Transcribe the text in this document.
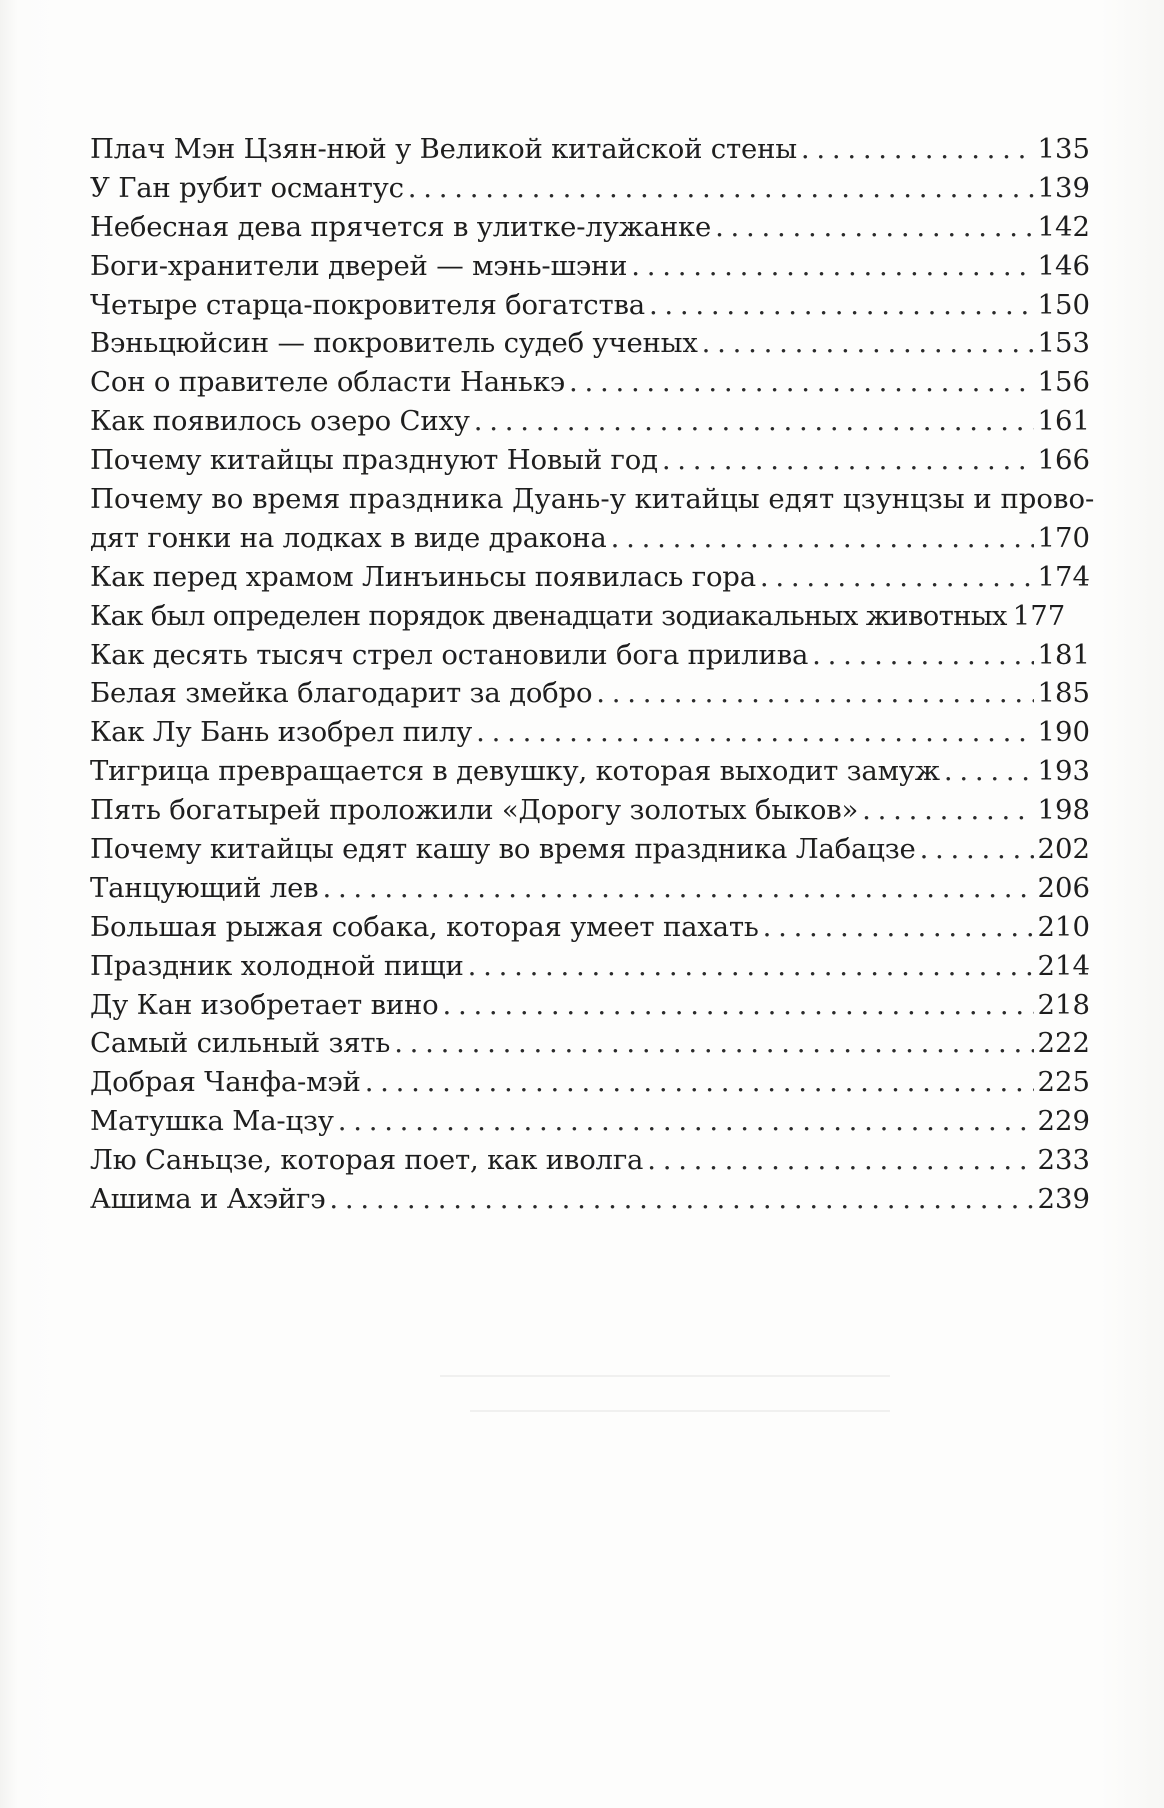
Плач Мэн Цзян-нюй у Великой китайской стены . . .	135
У Ган рубит османтус . . .	139
Небесная дева прячется в улитке-лужанке . . .	142
Боги-хранители дверей — мэнь-шэни . . .	146
Четыре старца-покровителя богатства . . .	150
Вэньцюйсин — покровитель судеб ученых . . .	153
Сон о правителе области Нанькэ . . .	156
Как появилось озеро Сиху . . .	161
Почему китайцы празднуют Новый год . . .	166
Почему во время праздника Дуань-у китайцы едят цзунцзы и прово-
дят гонки на лодках в виде дракона . . .	170
Как перед храмом Линъиньсы появилась гора . . .	174
Как был определен порядок двенадцати зодиакальных животных 177
Как десять тысяч стрел остановили бога прилива . . .	181
Белая змейка благодарит за добро . . .	185
Как Лу Бань изобрел пилу . . .	190
Тигрица превращается в девушку, которая выходит замуж . . .	193
Пять богатырей проложили «Дорогу золотых быков» . . .	198
Почему китайцы едят кашу во время праздника Лабацзе . . .	202
Танцующий лев . . .	206
Большая рыжая собака, которая умеет пахать . . .	210
Праздник холодной пищи . . .	214
Ду Кан изобретает вино . . .	218
Самый сильный зять . . .	222
Добрая Чанфа-мэй . . .	225
Матушка Ма-цзу . . .	229
Лю Саньцзе, которая поет, как иволга . . .	233
Ашима и Ахэйгэ . . .	239
